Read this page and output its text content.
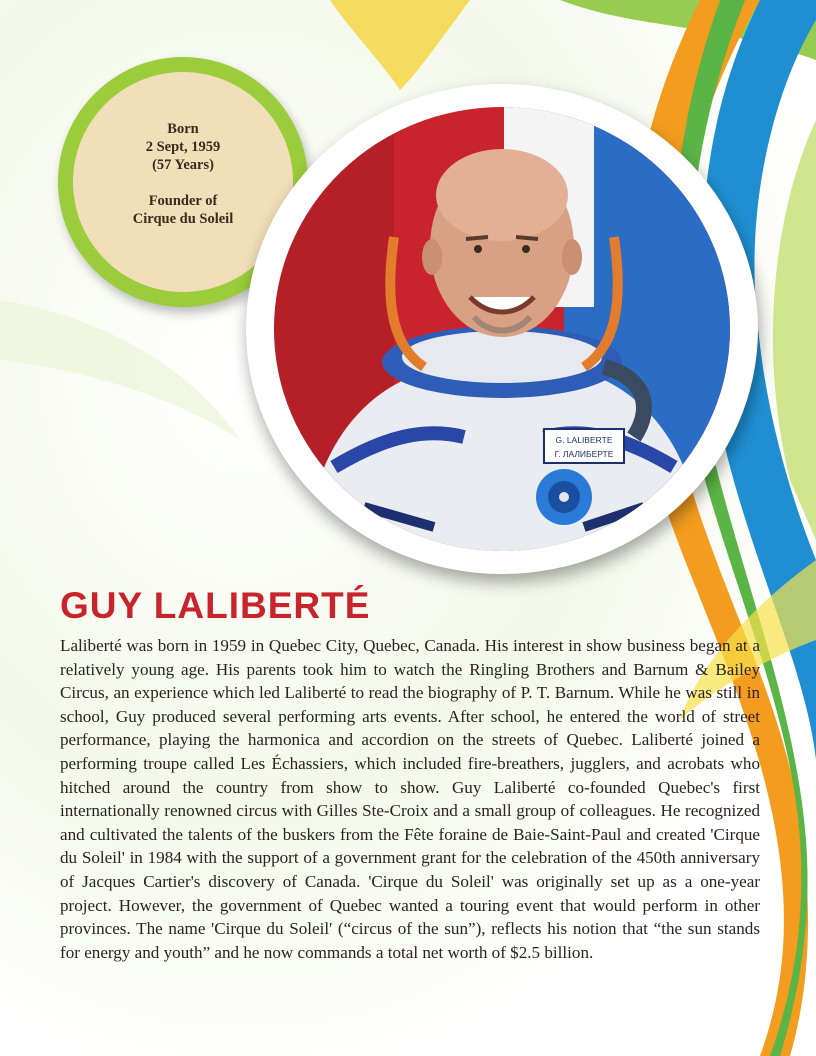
Born
2 Sept, 1959
(57 Years)
Founder of
Cirque du Soleil
G. LALIBERTE
Г. ЛАЛИБЕРТЕ
GUY LALIBERTÉ

Laliberté was born in 1959 in Quebec City, Quebec, Canada. His interest in show business began at a relatively young age. His parents took him to watch the Ringling Brothers and Barnum & Bailey Circus, an experience which led Laliberté to read the biography of P. T. Barnum. While he was still in school, Guy produced several performing arts events. After school, he entered the world of street performance, playing the harmonica and accordion on the streets of Quebec. Laliberté joined a performing troupe called Les Échassiers, which included fire-breathers, jugglers, and acrobats who hitched around the country from show to show. Guy Laliberté co-founded Quebec's first internationally renowned circus with Gilles Ste-Croix and a small group of colleagues. He recognized and cultivated the talents of the buskers from the Fête foraine de Baie-Saint-Paul and created 'Cirque du Soleil' in 1984 with the support of a government grant for the celebration of the 450th anniversary of Jacques Cartier's discovery of Canada. 'Cirque du Soleil' was originally set up as a one-year project. However, the government of Quebec wanted a touring event that would perform in other provinces. The name 'Cirque du Soleil' (“circus of the sun”), reflects his notion that “the sun stands for energy and youth” and he now commands a total net worth of $2.5 billion.
